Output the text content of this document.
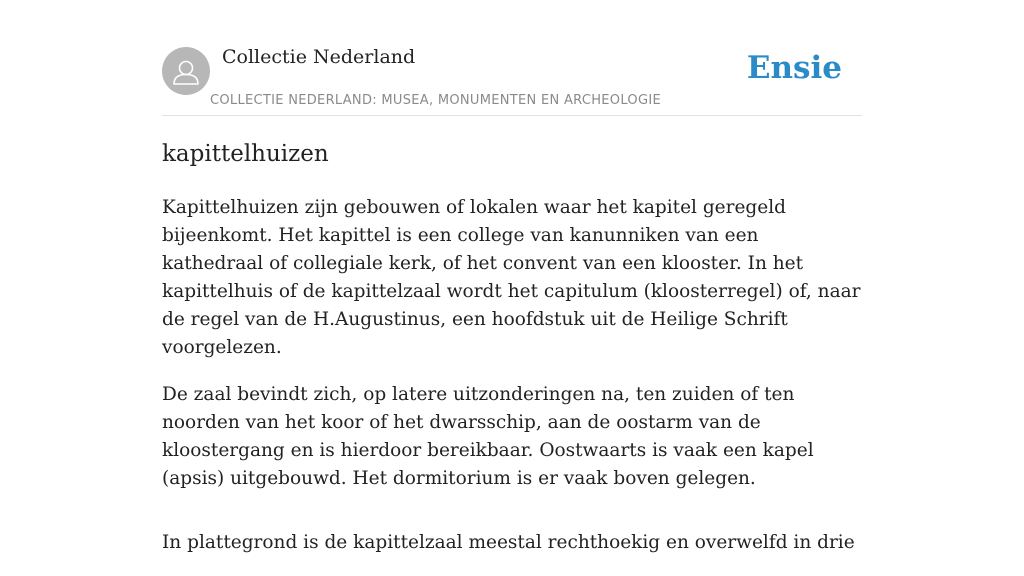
Collectie Nederland
COLLECTIE NEDERLAND: MUSEA, MONUMENTEN EN ARCHEOLOGIE
Ensie
kapittelhuizen

Kapittelhuizen zijn gebouwen of lokalen waar het kapitel geregeld bijeenkomt. Het kapittel is een college van kanunniken van een kathedraal of collegiale kerk, of het convent van een klooster. In het kapittelhuis of de kapittelzaal wordt het capitulum (kloosterregel) of, naar de regel van de H.Augustinus, een hoofdstuk uit de Heilige Schrift voorgelezen.

De zaal bevindt zich, op latere uitzonderingen na, ten zuiden of ten noorden van het koor of het dwarsschip, aan de oostarm van de kloostergang en is hierdoor bereikbaar. Oostwaarts is vaak een kapel (apsis) uitgebouwd. Het dormitorium is er vaak boven gelegen.

In plattegrond is de kapittelzaal meestal rechthoekig en overwelfd in drie
